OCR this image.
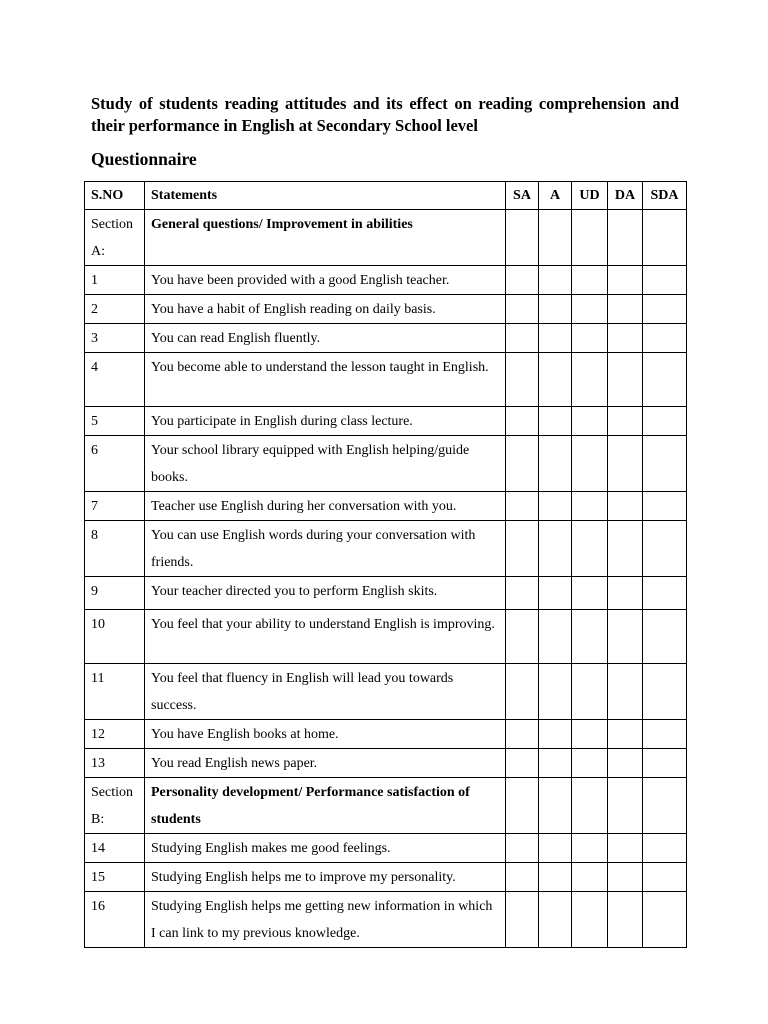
Study of students reading attitudes and its effect on reading comprehension and their performance in English at Secondary School level
Questionnaire
S.NO	Statements	SA	A	UD	DA	SDA
Section A:	General questions/ Improvement in abilities					
1	You have been provided with a good English teacher.					
2	You have a habit of English reading on daily basis.					
3	You can read English fluently.					
4	You become able to understand the lesson taught in English.					
5	You participate in English during class lecture.					
6	Your school library equipped with English helping/guide books.					
7	Teacher use English during her conversation with you.					
8	You can use English words during your conversation with friends.					
9	Your teacher directed you to perform English skits.					
10	You feel that your ability to understand English is improving.					
11	You feel that fluency in English will lead you towards success.					
12	You have English books at home.					
13	You read English news paper.					
Section B:	Personality development/ Performance satisfaction of students					
14	Studying English makes me good feelings.					
15	Studying English helps me to improve my personality.					
16	Studying English helps me getting new information in which I can link to my previous knowledge.					
